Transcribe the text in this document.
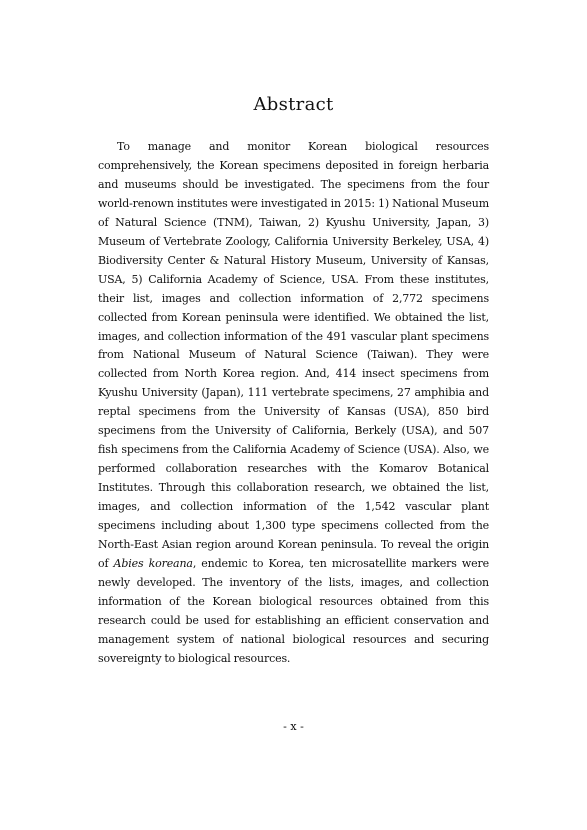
Abstract

To manage and monitor Korean biological resources comprehensively, the Korean specimens deposited in foreign herbaria and museums should be investigated. The specimens from the four world-renown institutes were investigated in 2015: 1) National Museum of Natural Science (TNM), Taiwan, 2) Kyushu University, Japan, 3) Museum of Vertebrate Zoology, California University Berkeley, USA, 4) Biodiversity Center & Natural History Museum, University of Kansas, USA, 5) California Academy of Science, USA. From these institutes, their list, images and collection information of 2,772 specimens collected from Korean peninsula were identified. We obtained the list, images, and collection information of the 491 vascular plant specimens from National Museum of Natural Science (Taiwan). They were collected from North Korea region. And, 414 insect specimens from Kyushu University (Japan), 111 vertebrate specimens, 27 amphibia and reptal specimens from the University of Kansas (USA), 850 bird specimens from the University of California, Berkely (USA), and 507 fish specimens from the California Academy of Science (USA). Also, we performed collaboration researches with the Komarov Botanical Institutes. Through this collaboration research, we obtained the list, images, and collection information of the 1,542 vascular plant specimens including about 1,300 type specimens collected from the North-East Asian region around Korean peninsula. To reveal the origin of Abies koreana, endemic to Korea, ten microsatellite markers were newly developed. The inventory of the lists, images, and collection information of the Korean biological resources obtained from this research could be used for establishing an efficient conservation and management system of national biological resources and securing sovereignty to biological resources.

- x -
